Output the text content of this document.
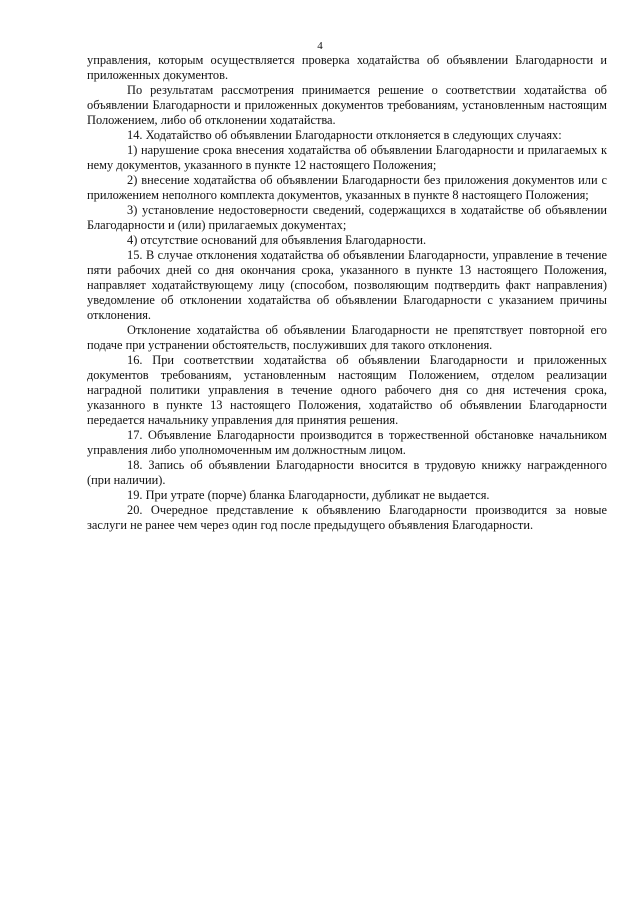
4

управления, которым осуществляется проверка ходатайства об объявлении Благодарности и приложенных документов.

По результатам рассмотрения принимается решение о соответствии ходатайства об объявлении Благодарности и приложенных документов требованиям, установленным настоящим Положением, либо об отклонении ходатайства.

14. Ходатайство об объявлении Благодарности отклоняется в следующих случаях:

1) нарушение срока внесения ходатайства об объявлении Благодарности и прилагаемых к нему документов, указанного в пункте 12 настоящего Положения;

2) внесение ходатайства об объявлении Благодарности без приложения документов или с приложением неполного комплекта документов, указанных в пункте 8 настоящего Положения;

3) установление недостоверности сведений, содержащихся в ходатайстве об объявлении Благодарности и (или) прилагаемых документах;

4) отсутствие оснований для объявления Благодарности.

15. В случае отклонения ходатайства об объявлении Благодарности, управление в течение пяти рабочих дней со дня окончания срока, указанного в пункте 13 настоящего Положения, направляет ходатайствующему лицу (способом, позволяющим подтвердить факт направления) уведомление об отклонении ходатайства об объявлении Благодарности с указанием причины отклонения.

Отклонение ходатайства об объявлении Благодарности не препятствует повторной его подаче при устранении обстоятельств, послуживших для такого отклонения.

16. При соответствии ходатайства об объявлении Благодарности и приложенных документов требованиям, установленным настоящим Положением, отделом реализации наградной политики управления в течение одного рабочего дня со дня истечения срока, указанного в пункте 13 настоящего Положения, ходатайство об объявлении Благодарности передается начальнику управления для принятия решения.

17. Объявление Благодарности производится в торжественной обстановке начальником управления либо уполномоченным им должностным лицом.

18. Запись об объявлении Благодарности вносится в трудовую книжку награжденного (при наличии).

19. При утрате (порче) бланка Благодарности, дубликат не выдается.

20. Очередное представление к объявлению Благодарности производится за новые заслуги не ранее чем через один год после предыдущего объявления Благодарности.
